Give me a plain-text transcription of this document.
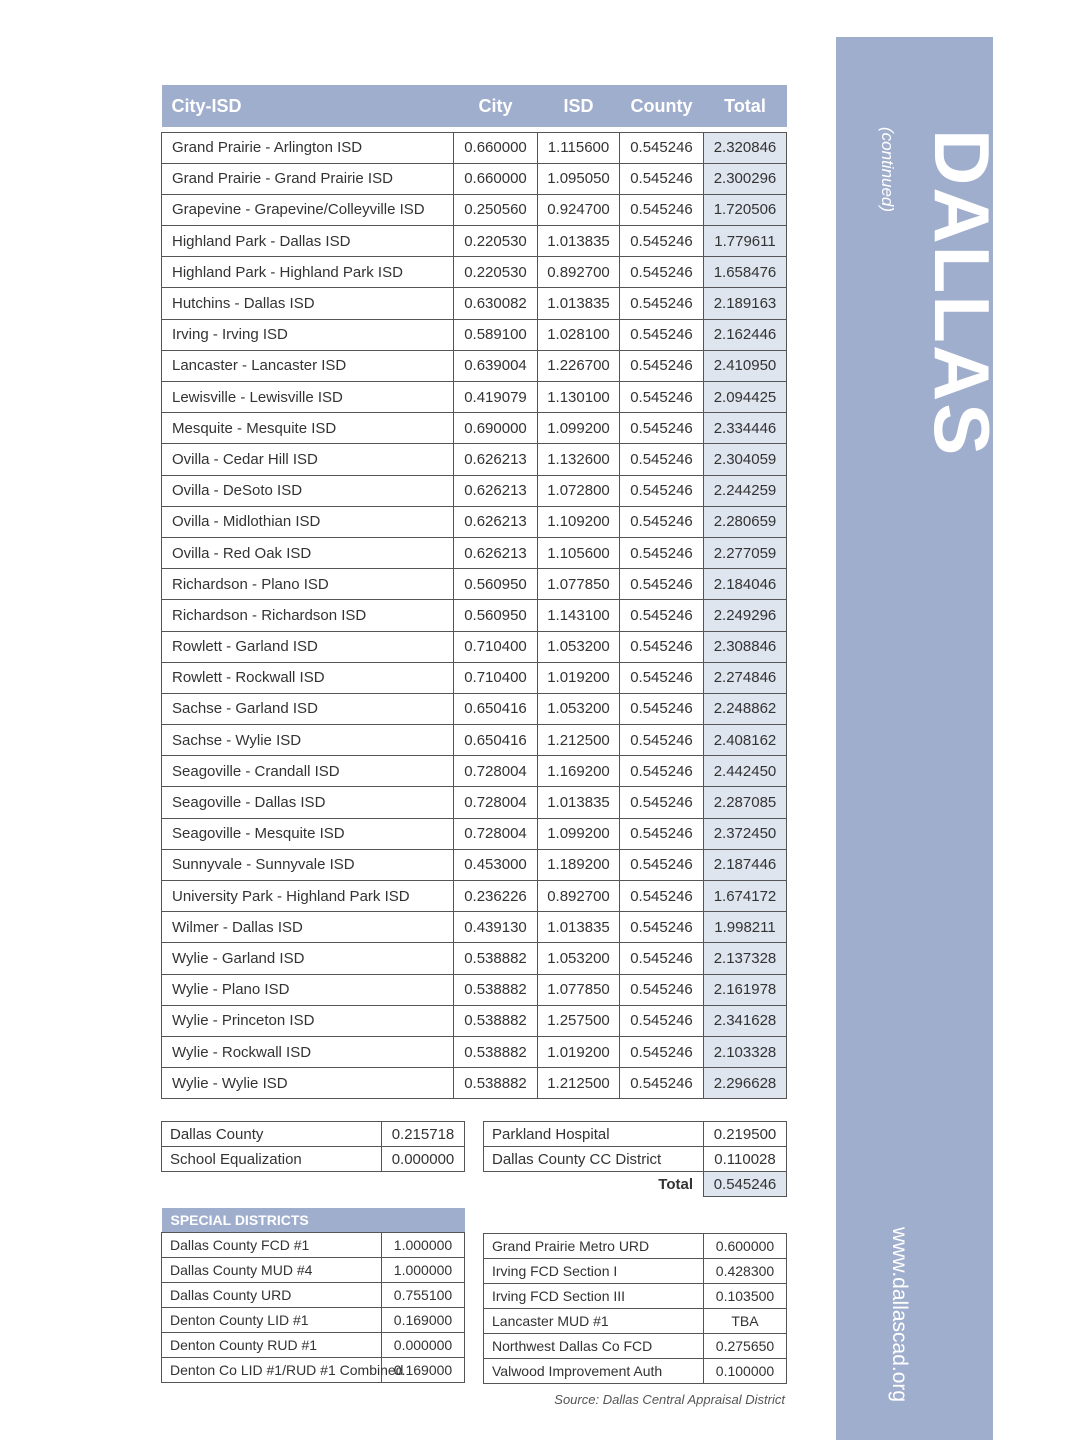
City-ISD	City	ISD	County	Total

Grand Prairie - Arlington ISD	0.660000	1.115600	0.545246	2.320846
Grand Prairie - Grand Prairie ISD	0.660000	1.095050	0.545246	2.300296
Grapevine - Grapevine/Colleyville ISD	0.250560	0.924700	0.545246	1.720506
Highland Park - Dallas ISD	0.220530	1.013835	0.545246	1.779611
Highland Park - Highland Park ISD	0.220530	0.892700	0.545246	1.658476
Hutchins - Dallas ISD	0.630082	1.013835	0.545246	2.189163
Irving - Irving ISD	0.589100	1.028100	0.545246	2.162446
Lancaster - Lancaster ISD	0.639004	1.226700	0.545246	2.410950
Lewisville - Lewisville ISD	0.419079	1.130100	0.545246	2.094425
Mesquite - Mesquite ISD	0.690000	1.099200	0.545246	2.334446
Ovilla - Cedar Hill ISD	0.626213	1.132600	0.545246	2.304059
Ovilla - DeSoto ISD	0.626213	1.072800	0.545246	2.244259
Ovilla - Midlothian ISD	0.626213	1.109200	0.545246	2.280659
Ovilla - Red Oak ISD	0.626213	1.105600	0.545246	2.277059
Richardson - Plano ISD	0.560950	1.077850	0.545246	2.184046
Richardson - Richardson ISD	0.560950	1.143100	0.545246	2.249296
Rowlett - Garland ISD	0.710400	1.053200	0.545246	2.308846
Rowlett - Rockwall ISD	0.710400	1.019200	0.545246	2.274846
Sachse - Garland ISD	0.650416	1.053200	0.545246	2.248862
Sachse - Wylie ISD	0.650416	1.212500	0.545246	2.408162
Seagoville - Crandall ISD	0.728004	1.169200	0.545246	2.442450
Seagoville - Dallas ISD	0.728004	1.013835	0.545246	2.287085
Seagoville - Mesquite ISD	0.728004	1.099200	0.545246	2.372450
Sunnyvale - Sunnyvale ISD	0.453000	1.189200	0.545246	2.187446
University Park - Highland Park ISD	0.236226	0.892700	0.545246	1.674172
Wilmer - Dallas ISD	0.439130	1.013835	0.545246	1.998211
Wylie - Garland ISD	0.538882	1.053200	0.545246	2.137328
Wylie - Plano ISD	0.538882	1.077850	0.545246	2.161978
Wylie - Princeton ISD	0.538882	1.257500	0.545246	2.341628
Wylie - Rockwall ISD	0.538882	1.019200	0.545246	2.103328
Wylie - Wylie ISD	0.538882	1.212500	0.545246	2.296628
Dallas County	0.215718
School Equalization	0.000000
Parkland Hospital	0.219500
Dallas County CC District	0.110028
Total	0.545246
SPECIAL DISTRICTS	
Dallas County FCD #1	1.000000
Dallas County MUD #4	1.000000
Dallas County URD	0.755100
Denton County LID #1	0.169000
Denton County RUD #1	0.000000
Denton Co LID #1/RUD #1 Combined	0.169000
Grand Prairie Metro URD	0.600000
Irving FCD Section I	0.428300
Irving FCD Section III	0.103500
Lancaster MUD #1	TBA
Northwest Dallas Co FCD	0.275650
Valwood Improvement Auth	0.100000
Source: Dallas Central Appraisal District
DALLAS
(continued)
www.dallascad.org
